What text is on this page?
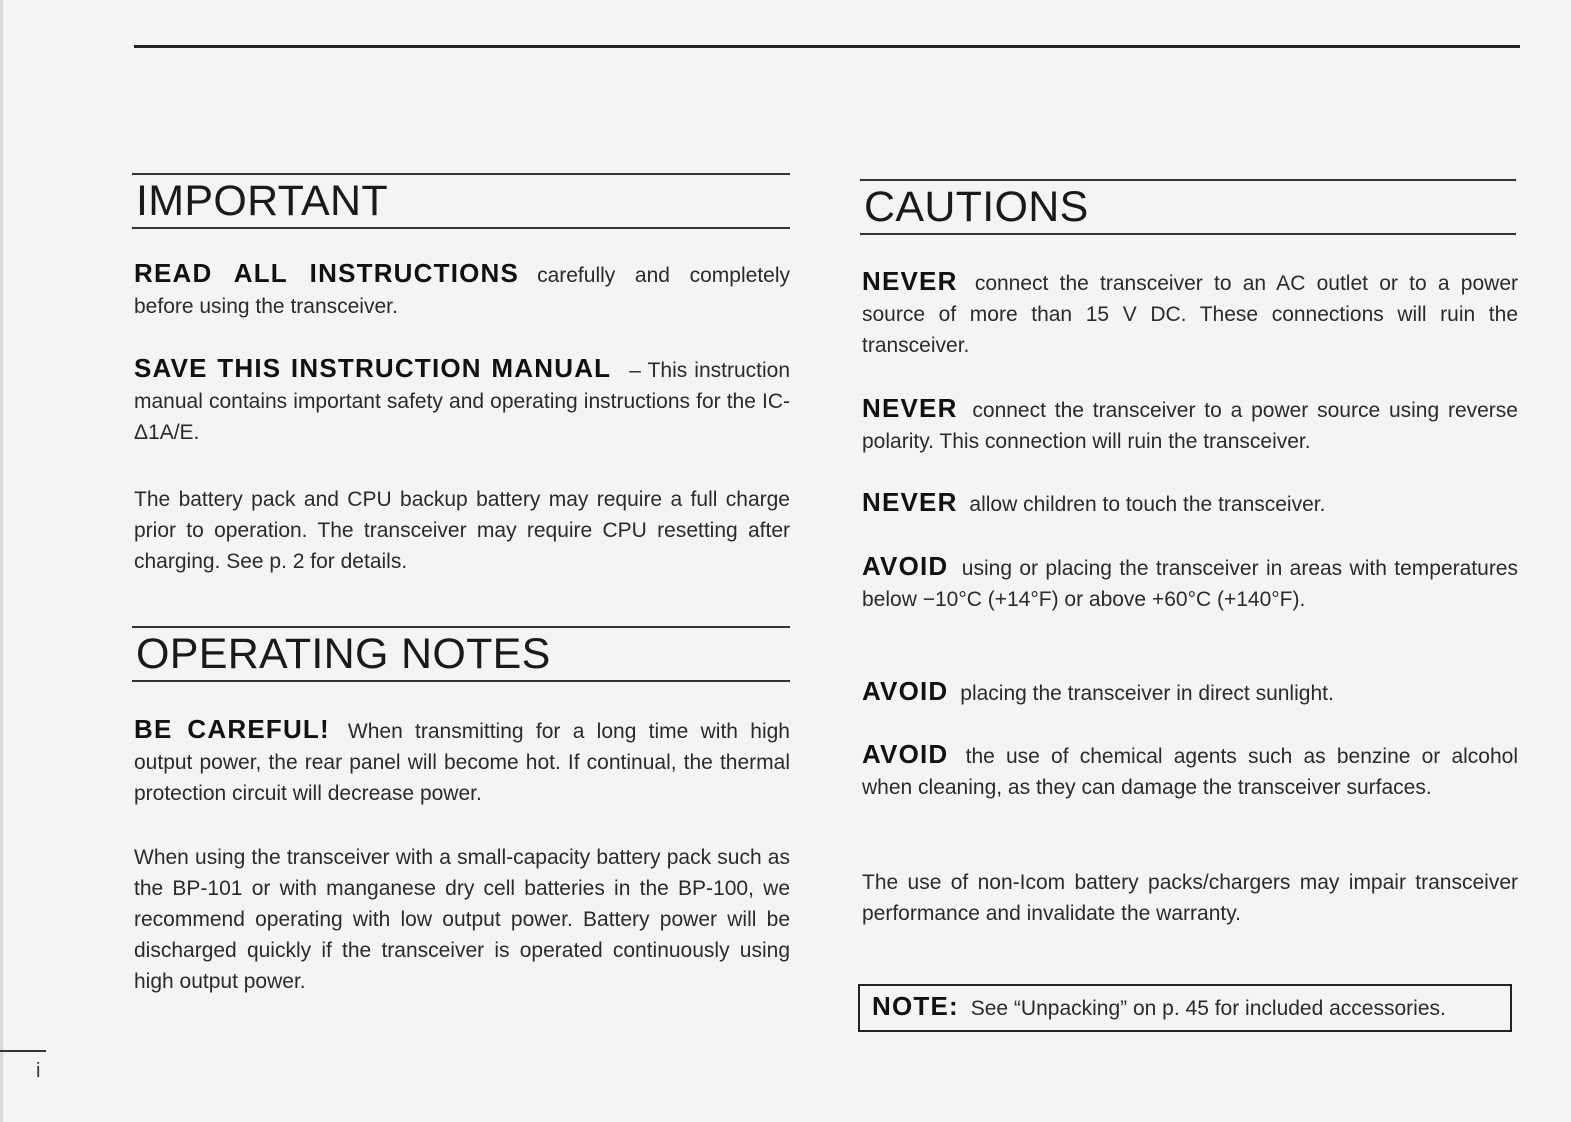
IMPORTANT

READ ALL INSTRUCTIONS carefully and completely before using the transceiver.

SAVE THIS INSTRUCTION MANUAL – This instruction manual contains important safety and operating instructions for the IC-Δ1A/E.

The battery pack and CPU backup battery may require a full charge prior to operation. The transceiver may require CPU resetting after charging. See p. 2 for details.

OPERATING NOTES

BE CAREFUL! When transmitting for a long time with high output power, the rear panel will become hot. If continual, the thermal protection circuit will decrease power.

When using the transceiver with a small-capacity battery pack such as the BP-101 or with manganese dry cell batteries in the BP-100, we recommend operating with low output power. Battery power will be discharged quickly if the transceiver is operated continuously using high output power.

CAUTIONS

NEVER connect the transceiver to an AC outlet or to a power source of more than 15 V DC. These connections will ruin the transceiver.

NEVER connect the transceiver to a power source using reverse polarity. This connection will ruin the transceiver.

NEVER allow children to touch the transceiver.

AVOID using or placing the transceiver in areas with temperatures below −10°C (+14°F) or above +60°C (+140°F).

AVOID placing the transceiver in direct sunlight.

AVOID the use of chemical agents such as benzine or alcohol when cleaning, as they can damage the transceiver surfaces.

The use of non-Icom battery packs/chargers may impair transceiver performance and invalidate the warranty.

NOTE: See “Unpacking” on p. 45 for included accessories.
i
